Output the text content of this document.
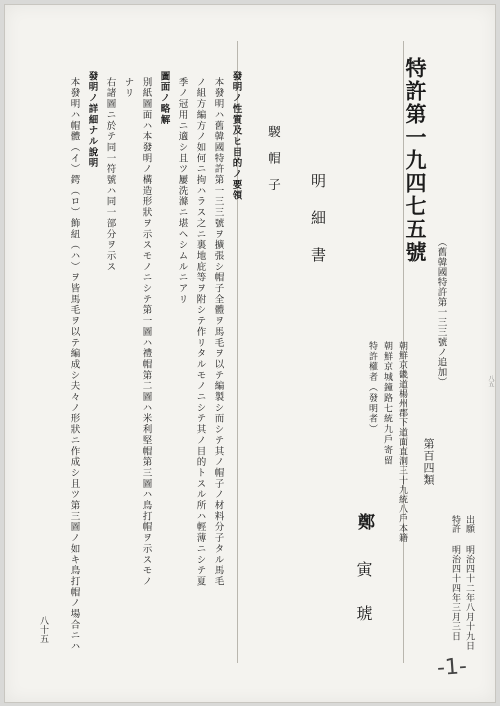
八五
特許第一九四七五號
（舊韓國特許第一三三號ノ追加）
出願
特許
明治四十二年八月十九日
明治四十四年三月三日
第百四類
朝鮮京畿道楊州郡下道面直洞三十九統八戶本籍
朝鮮京城鐘路七統九戶寄留
特許權者（發明者）
鄭
寅琥
明細書
騣帽子
發明ノ性質及ヒ目的ノ要領
本發明ハ舊韓國特許第一三三號ヲ擴張シ帽子全體ヲ馬毛ヲ以テ編製シ而シテ其ノ帽子ノ材料分子タル馬毛
ノ組方編方ノ如何ニ拘ハラス之ニ裏地庇等ヲ附シテ作リタルモノニシテ其ノ目的トスル所ハ輕薄ニシテ夏
季ノ冠用ニ適シ且ツ屢洗滌ニ堪ヘシムルニアリ
圖面ノ略解
別紙圖面ハ本發明ノ構造形狀ヲ示スモノニシテ第一圖ハ禮帽第二圖ハ米利堅帽第三圖ハ鳥打帽ヲ示スモノ
ナリ
右諸圖ニ於テ同一符號ハ同一部分ヲ示ス
發明ノ詳細ナル說明
本發明ハ帽體（イ）鍔（ロ）飾紐（ハ）ヲ皆馬毛ヲ以テ編成シ夫々ノ形狀ニ作成シ且ツ第三圖ノ如キ鳥打帽ノ場合ニハ
八十五
-1-
